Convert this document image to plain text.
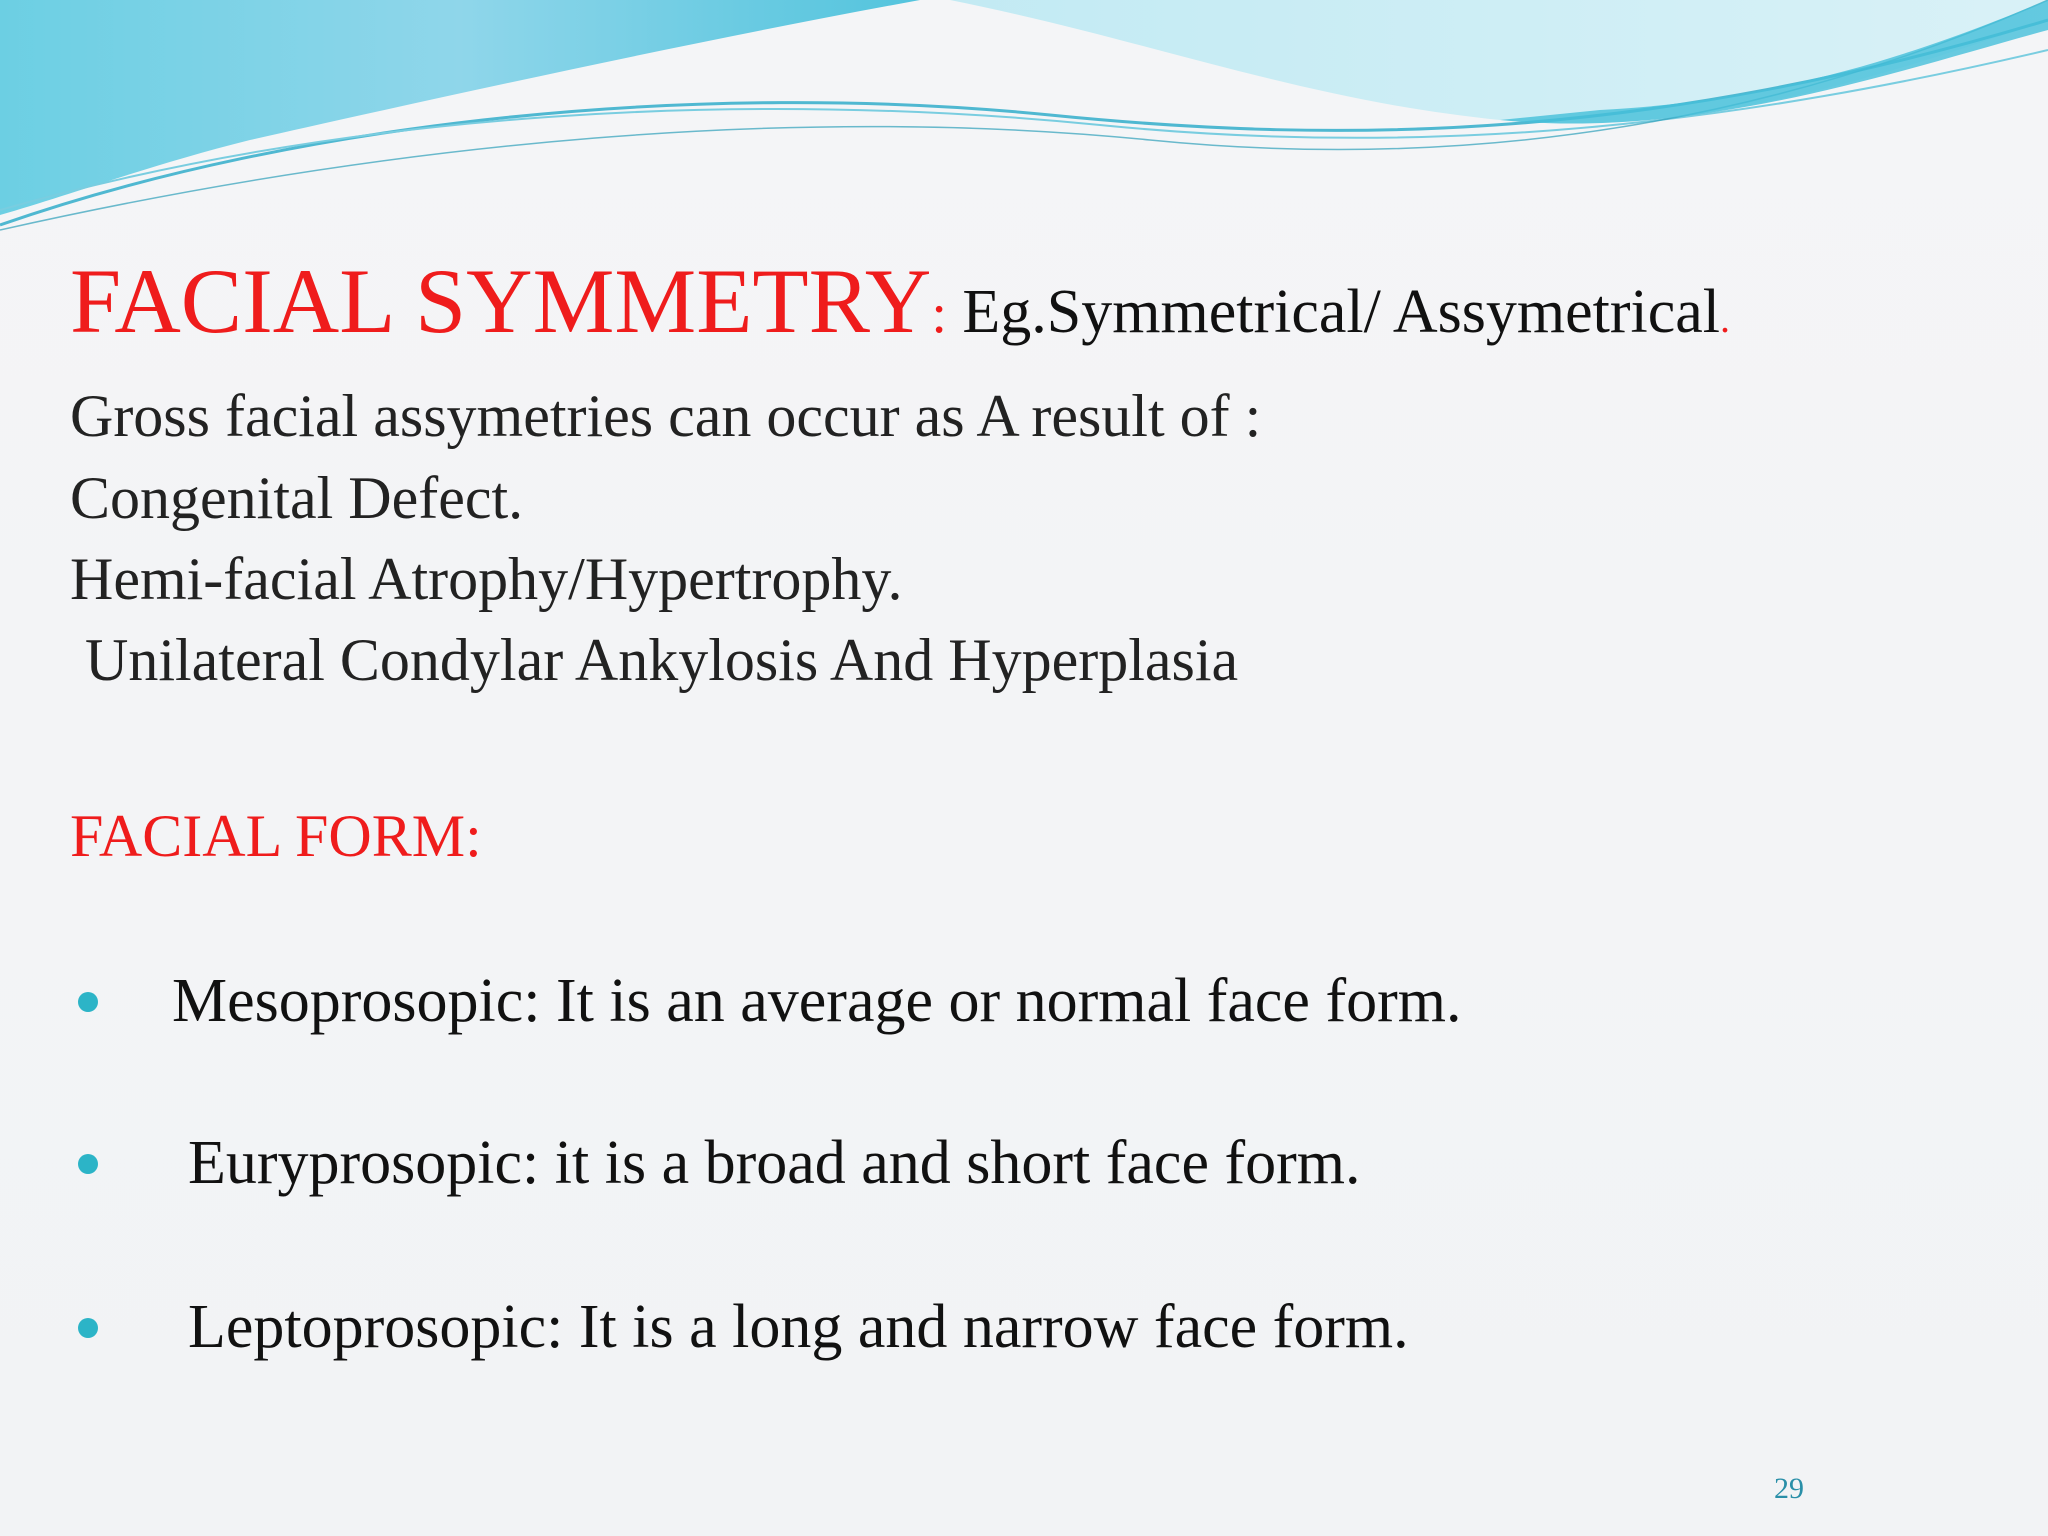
FACIAL SYMMETRY: Eg.Symmetrical/ Assymetrical.
Gross facial assymetries can occur as A result of :
Congenital Defect.
Hemi-facial Atrophy/Hypertrophy.
Unilateral Condylar Ankylosis And Hyperplasia
FACIAL FORM:
Mesoprosopic: It is an average or normal face form.
Euryprosopic: it is a broad and short face form.
Leptoprosopic: It is a long and narrow face form.
29
